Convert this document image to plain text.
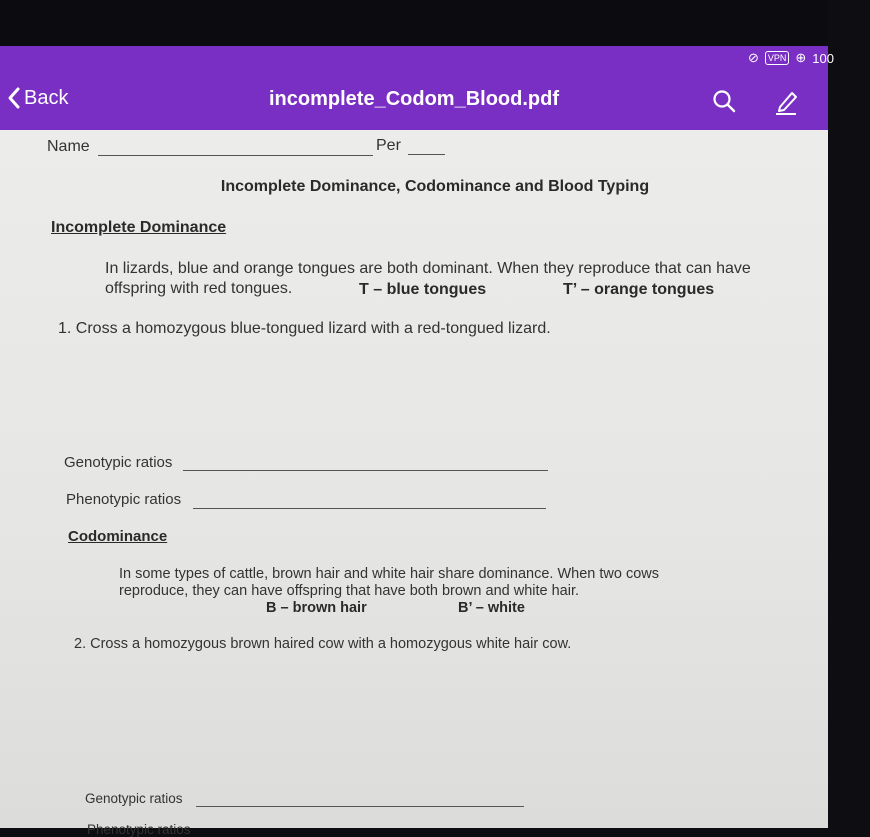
⊘	VPN ⊕ 100
Back	incomplete_Codom_Blood.pdf
Name	Per
Incomplete Dominance, Codominance and Blood Typing
Incomplete Dominance
In lizards, blue and orange tongues are both dominant. When they reproduce that can have
offspring with red tongues.	T – blue tongues	T’ – orange tongues
1. Cross a homozygous blue-tongued lizard with a red-tongued lizard.
Genotypic ratios
Phenotypic ratios
Codominance
In some types of cattle, brown hair and white hair share dominance. When two cows
reproduce, they can have offspring that have both brown and white hair.
B – brown hair	B’ – white
2. Cross a homozygous brown haired cow with a homozygous white hair cow.
Genotypic ratios
Phenotypic ratios
